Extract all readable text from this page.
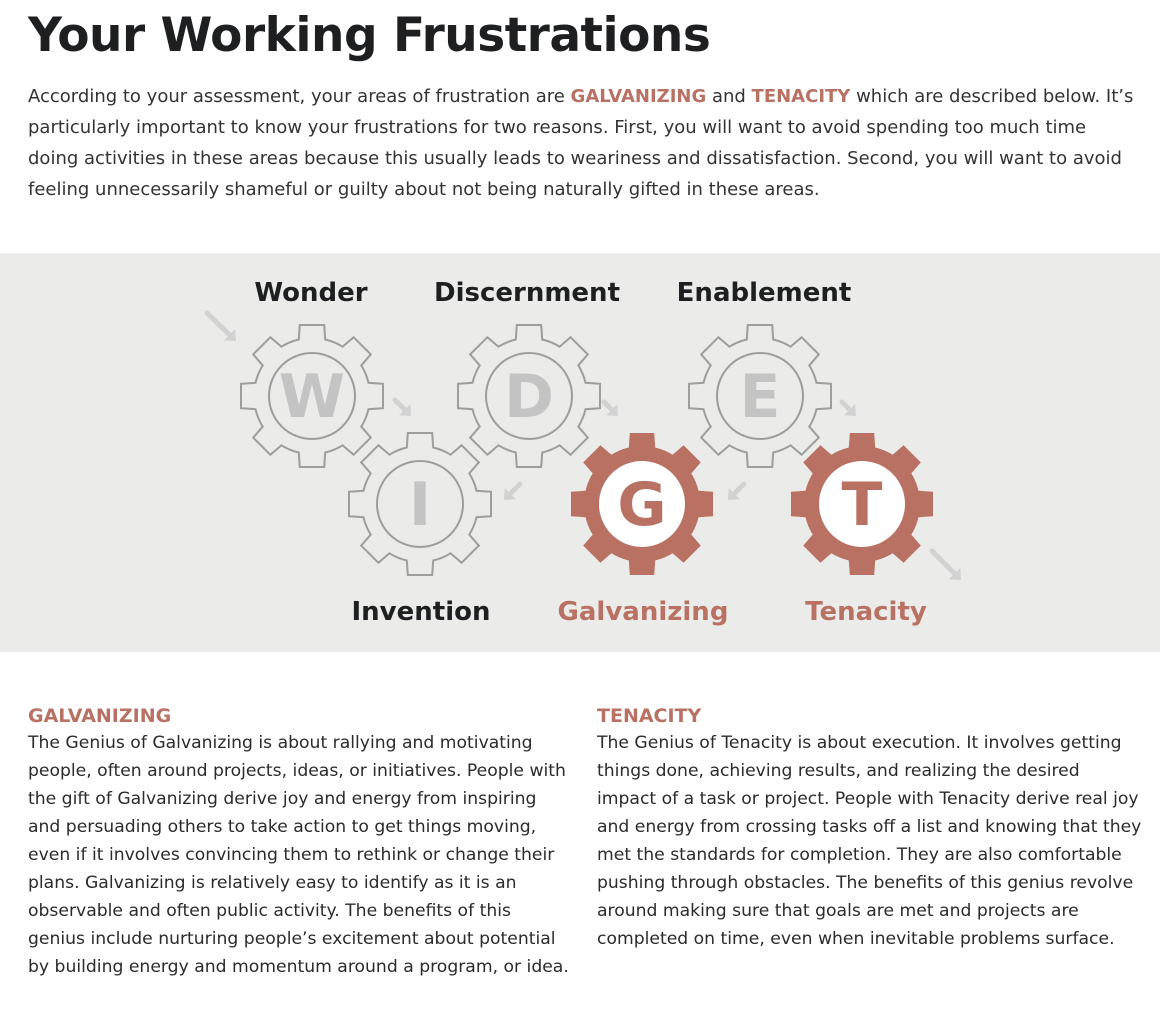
Your Working Frustrations
According to your assessment, your areas of frustration are GALVANIZING and TENACITY which are described below. It’s particularly important to know your frustrations for two reasons. First, you will want to avoid spending too much time doing activities in these areas because this usually leads to weariness and dissatisfaction. Second, you will want to avoid feeling unnecessarily shameful or guilty about not being naturally gifted in these areas.
W
Wonder
I
Invention
D
Discernment
G
Galvanizing
E
Enablement
T
Tenacity
GALVANIZING

The Genius of Galvanizing is about rallying and motivating people, often around projects, ideas, or initiatives. People with the gift of Galvanizing derive joy and energy from inspiring and persuading others to take action to get things moving, even if it involves convincing them to rethink or change their plans. Galvanizing is relatively easy to identify as it is an observable and often public activity. The benefits of this genius include nurturing people’s excitement about potential by building energy and momentum around a program, or idea.

TENACITY

The Genius of Tenacity is about execution. It involves getting things done, achieving results, and realizing the desired impact of a task or project. People with Tenacity derive real joy and energy from crossing tasks off a list and knowing that they met the standards for completion. They are also comfortable pushing through obstacles. The benefits of this genius revolve around making sure that goals are met and projects are completed on time, even when inevitable problems surface.
